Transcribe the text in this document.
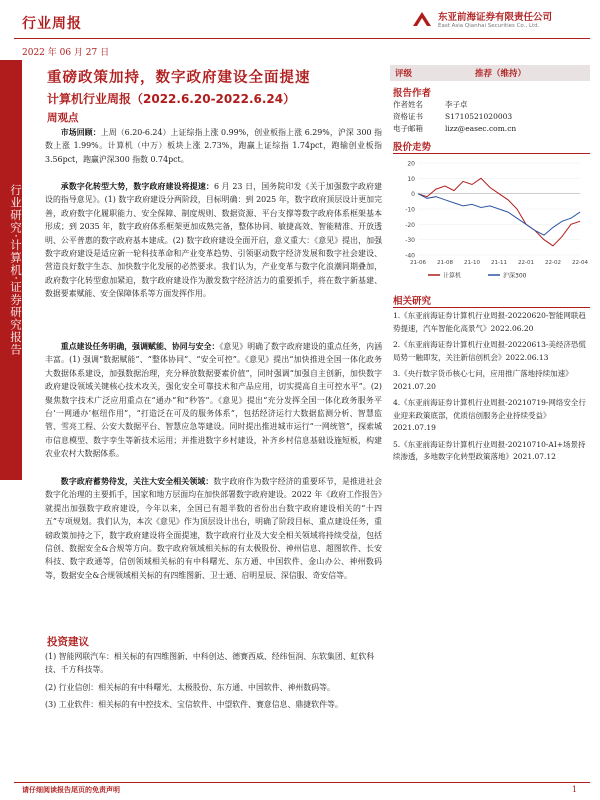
行业周报	东亚前海证券有限责任公司
East Asia Qianhai Securities Co., Ltd.
2022 年 06 月 27 日
行业研究·计算机·证券研究报告
重磅政策加持，数字政府建设全面提速
计算机行业周报（2022.6.20-2022.6.24）
周观点

市场回顾：上周（6.20-6.24）上证综指上涨 0.99%，创业板指上涨 6.29%，沪深 300 指数上涨 1.99%。计算机（中万）板块上涨 2.73%，跑赢上证综指 1.74pct，跑输创业板指 3.56pct，跑赢沪深300 指数 0.74pct。

承数字化转型大势，数字政府建设将提速：6 月 23 日，国务院印发《关于加强数字政府建设的指导意见》。(1) 数字政府建设分两阶段，目标明确：到 2025 年，数字政府顶层设计更加完善，政府数字化履职能力、安全保障、制度规则、数据资源、平台支撑等数字政府体系框架基本形成；到 2035 年，数字政府体系框架更加成熟完备，整体协同、敏捷高效、智能精准、开放透明、公平普惠的数字政府基本建成。(2) 数字政府建设全面开启，意义重大：《意见》提出，加强数字政府建设是适应新一轮科技革命和产业变革趋势、引领驱动数字经济发展和数字社会建设、营造良好数字生态、加快数字化发展的必然要求。我们认为，产业变革与数字化浪潮同期叠加，政府数字化转型愈加紧迫，数字政府建设作为激发数字经济活力的重要抓手，将在数字新基建、数据要素赋能、安全保障体系等方面发挥作用。

重点建设任务明确，强调赋能、协同与安全：《意见》明确了数字政府建设的重点任务，内涵丰富。(1) 强调“数据赋能”、“整体协同”、“安全可控”。《意见》提出“加快推进全国一体化政务大数据体系建设，加强数据治理，充分释放数据要素价值”，同时强调“加强自主创新，加快数字政府建设领域关键核心技术攻关，强化安全可靠技术和产品应用，切实提高自主可控水平”。(2) 聚焦数字技术广泛应用重点在“通办”和“秒答”。《意见》提出“充分发挥全国一体化政务服务平台‘一网通办’枢纽作用”，“打造泛在可及的服务体系”，包括经济运行大数据监测分析、智慧监管、雪亮工程、公安大数据平台、智慧应急等建设。同时提出推进城市运行“一网统管”，探索城市信息模型、数字孪生等新技术运用；并推进数字乡村建设，补齐乡村信息基础设施短板，构建农业农村大数据体系。

数字政府蓄势待发，关注大安全相关领域：数字政府作为数字经济的重要环节，是推进社会数字化治理的主要抓手，国家和地方层面均在加快部署数字政府建设。2022 年《政府工作报告》就提出加强数字政府建设，今年以来，全国已有超半数的省份出台数字政府建设相关的“十四五”专项规划。我们认为，本次《意见》作为顶层设计出台，明确了阶段目标、重点建设任务，重磅政策加持之下，数字政府建设将全面提速，数字政府行业及大安全相关领域将持续受益，包括信创、数据安全&合规等方向。数字政府领域相关标的有太极股份、神州信息、超图软件、长安科技、数字政通等，信创领域相关标的有中科曙光、东方通、中国软件、金山办公、神州数码等，数据安全&合规领域相关标的有四维图新、卫士通、启明星辰、深信服、奇安信等。

投资建议
(1) 智能网联汽车：相关标的有四维图新、中科创达、德赛西威、经纬恒润、东软集团、虹软科技、千方科技等。
(2) 行业信创：相关标的有中科曙光、太极股份、东方通、中国软件、神州数码等。
(3) 工业软件：相关标的有中控技术、宝信软件、中望软件、赛意信息、鼎捷软件等。
评级	推荐（维持）
报告作者
作者姓名	李子卓
资格证书	S1710521020003
电子邮箱	lizz@easec.com.cn
股价走势
20
10
0
-10
-20
-30
-40
21-06 21-08 21-10 21-11 22-01 22-02 22-04
计算机	沪深300
相关研究
1.《东亚前海证券计算机行业周报-20220620-智能网联趋势提速，汽车智能化高景气》2022.06.20
2.《东亚前海证券计算机行业周报-20220613-美经济恐慌局势一触即发，关注新信创机会》2022.06.13
3.《央行数字货币核心七问，应用推广落地持续加速》2021.07.20
4.《东亚前海证券计算机行业周报-20210719-网络安全行业迎来政策底部，优质信创服务企业持续受益》2021.07.19
5.《东亚前海证券计算机行业周报-20210710-AI+场景持续渗透，多地数字化转型政策落地》2021.07.12
请仔细阅读报告尾页的免责声明	1
